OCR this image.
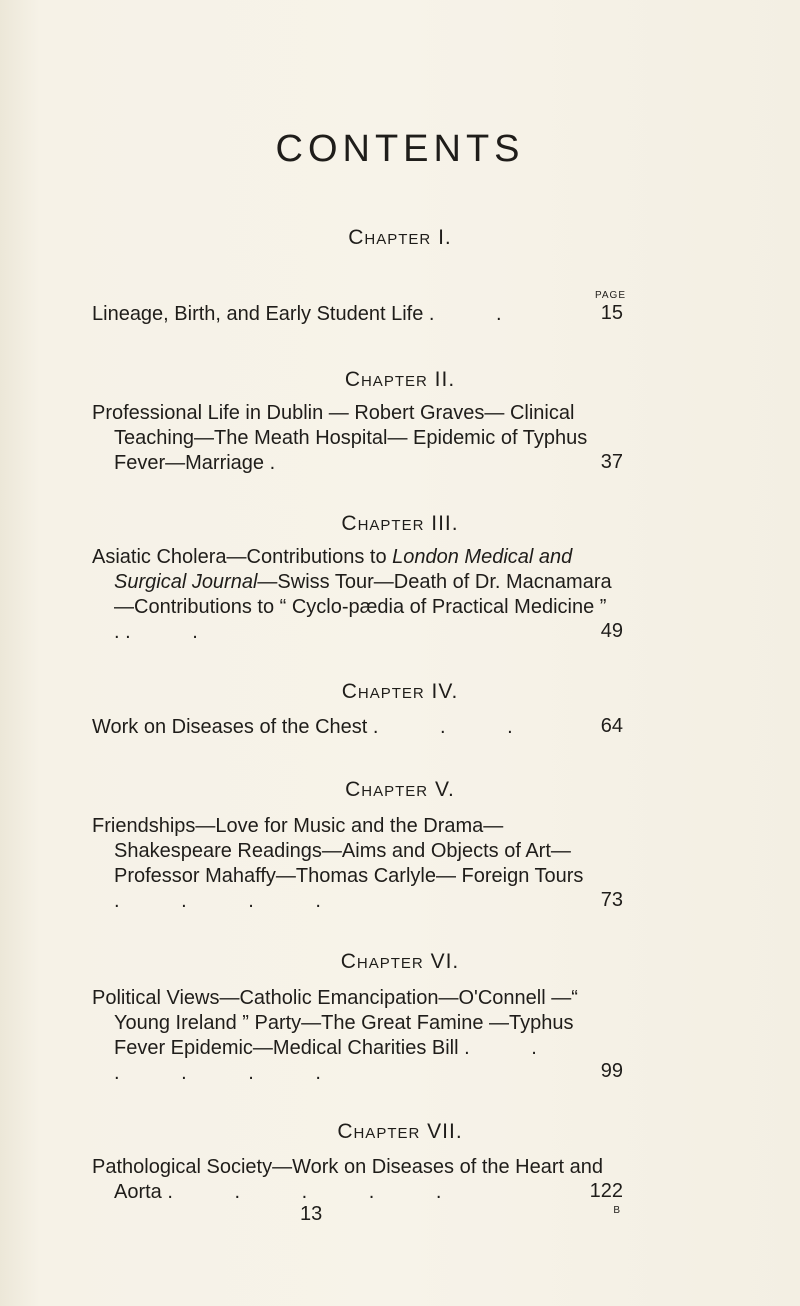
CONTENTS
Chapter I.
PAGE
Lineage, Birth, and Early Student Life . .	15
Chapter II.
Professional Life in Dublin — Robert Graves— Clinical Teaching—The Meath Hospital— Epidemic of Typhus Fever—Marriage .	37
Chapter III.
Asiatic Cholera—Contributions to London Medical and Surgical Journal—Swiss Tour—Death of Dr. Macnamara—Contributions to “ Cyclo-pædia of Practical Medicine ” . . .	49
Chapter IV.
Work on Diseases of the Chest . . .	64
Chapter V.
Friendships—Love for Music and the Drama— Shakespeare Readings—Aims and Objects of Art—Professor Mahaffy—Thomas Carlyle— Foreign Tours . . . .	73
Chapter VI.
Political Views—Catholic Emancipation—O'Connell —“ Young Ireland ” Party—The Great Famine —Typhus Fever Epidemic—Medical Charities Bill . . . . . .	99
Chapter VII.
Pathological Society—Work on Diseases of the Heart and Aorta . . . . .	122
13	B
